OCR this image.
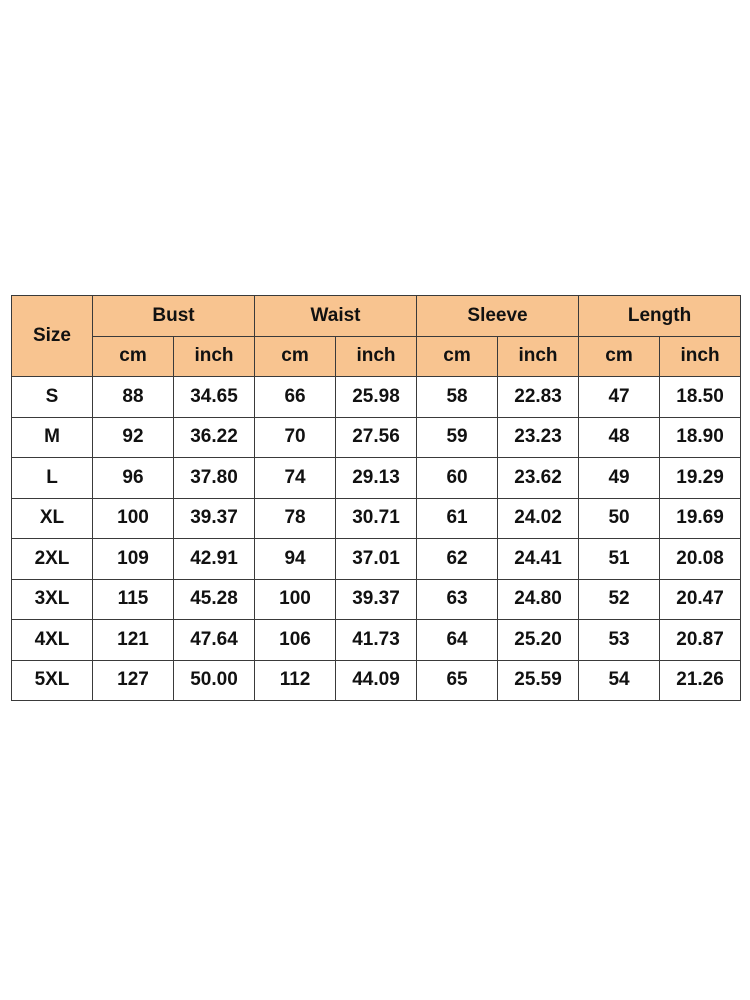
Size	Bust		Waist		Sleeve		Length	
	cm	inch	cm	inch	cm	inch	cm	inch
S	88	34.65	66	25.98	58	22.83	47	18.50
M	92	36.22	70	27.56	59	23.23	48	18.90
L	96	37.80	74	29.13	60	23.62	49	19.29
XL	100	39.37	78	30.71	61	24.02	50	19.69
2XL	109	42.91	94	37.01	62	24.41	51	20.08
3XL	115	45.28	100	39.37	63	24.80	52	20.47
4XL	121	47.64	106	41.73	64	25.20	53	20.87
5XL	127	50.00	112	44.09	65	25.59	54	21.26
